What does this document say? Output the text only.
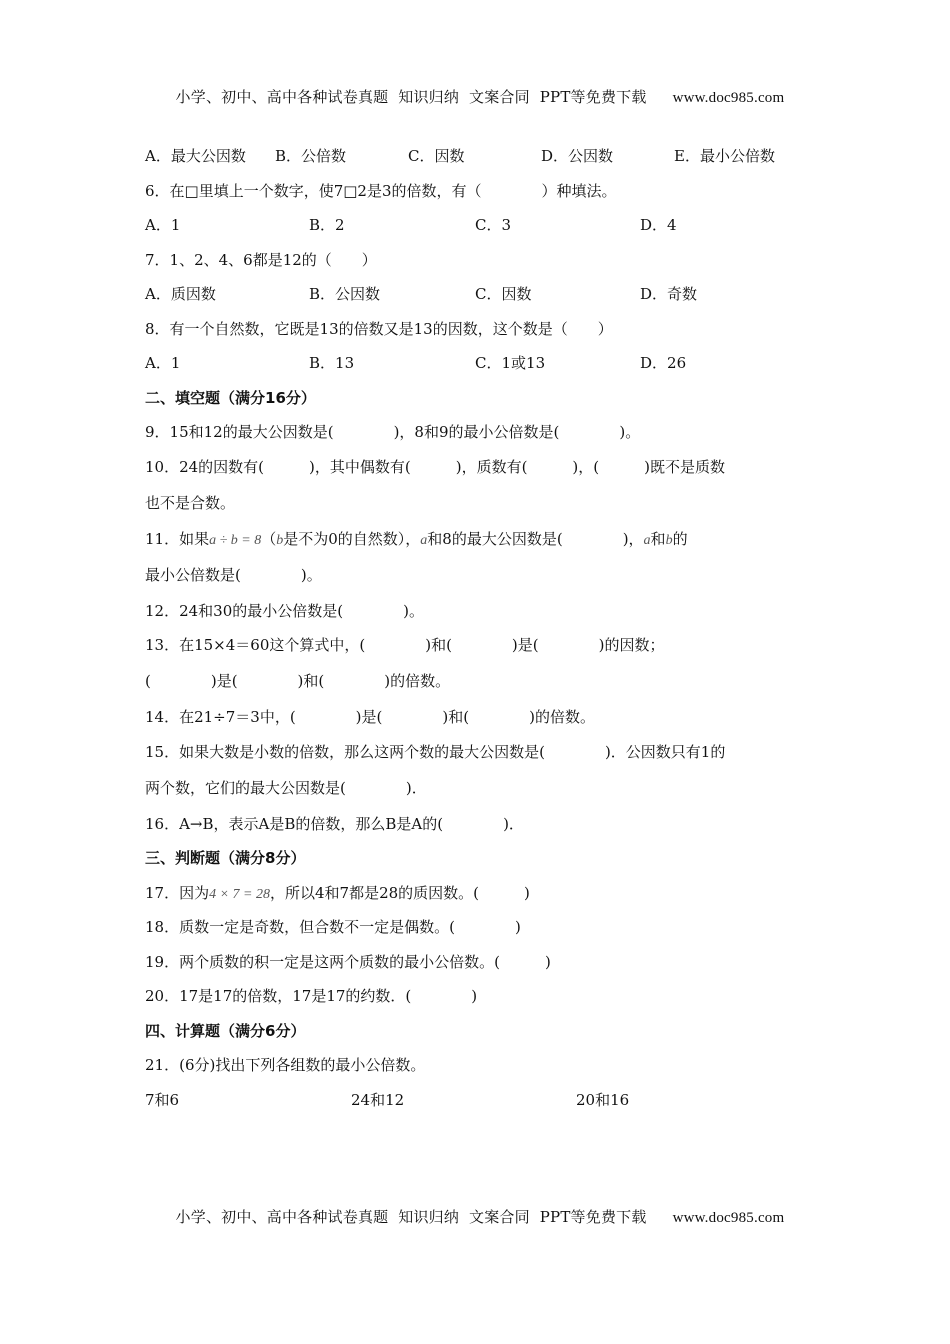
小学、初中、高中各种试卷真题  知识归纳  文案合同  PPT等免费下载 www.doc985.com

A．最大公因数 B．公倍数	C．因数	D．公因数	E．最小公倍数
6．在□里填上一个数字，使7□2是3的倍数，有（　　　　）种填法。
A．1	B．2	C．3	D．4
7．1、2、4、6都是12的（　　）
A．质因数	B．公因数	C．因数	D．奇数
8．有一个自然数，它既是13的倍数又是13的因数，这个数是（　　）
A．1	B．13	C．1或13	D．26
二、填空题（满分16分）
9．15和12的最大公因数是(　　　　)，8和9的最小公倍数是(　　　　)。
10．24的因数有(　　　)，其中偶数有(　　　)，质数有(　　　)，(　　　)既不是质数
也不是合数。
11．如果a ÷ b = 8（b是不为0的自然数），a和8的最大公因数是(　　　　)，a和b的
最小公倍数是(　　　　)。
12．24和30的最小公倍数是(　　　　)。
13．在15×4＝60这个算式中，(　　　　)和(　　　　)是(　　　　)的因数；
(　　　　)是(　　　　)和(　　　　)的倍数。
14．在21÷7＝3中，(　　　　)是(　　　　)和(　　　　)的倍数。
15．如果大数是小数的倍数，那么这两个数的最大公因数是(　　　　)．公因数只有1的
两个数，它们的最大公因数是(　　　　)．
16．A→B，表示A是B的倍数，那么B是A的(　　　　)．
三、判断题（满分8分）
17．因为4 × 7 = 28，所以4和7都是28的质因数。(　　　)
18．质数一定是奇数，但合数不一定是偶数。(　　　　)
19．两个质数的积一定是这两个质数的最小公倍数。(　　　)
20．17是17的倍数，17是17的约数．(　　　　)
四、计算题（满分6分）
21．(6分)找出下列各组数的最小公倍数。
7和6	24和12	20和16

小学、初中、高中各种试卷真题  知识归纳  文案合同  PPT等免费下载 www.doc985.com
